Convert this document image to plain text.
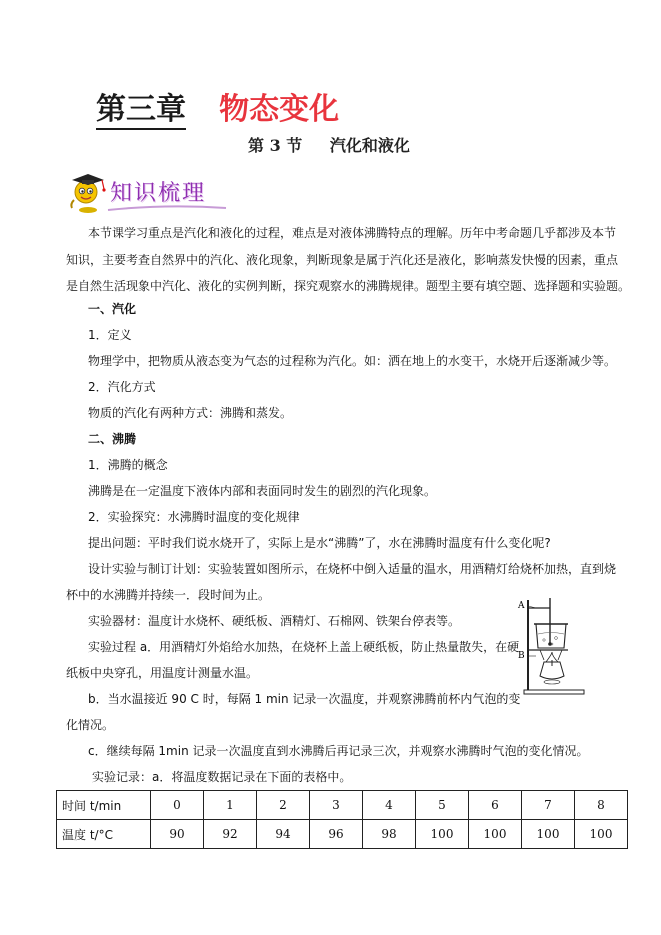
第三章 物态变化
第 3 节 汽化和液化
知识梳理
本节课学习重点是汽化和液化的过程，难点是对液体沸腾特点的理解。历年中考命题几乎都涉及本节
知识，主要考查自然界中的汽化、液化现象，判断现象是属于汽化还是液化，影响蒸发快慢的因素，重点
是自然生活现象中汽化、液化的实例判断，探究观察水的沸腾规律。题型主要有填空题、选择题和实验题。

一、汽化

1．定义

物理学中，把物质从液态变为气态的过程称为汽化。如：洒在地上的水变干，水烧开后逐渐减少等。

2．汽化方式

物质的汽化有两种方式：沸腾和蒸发。

二、沸腾

1．沸腾的概念

沸腾是在一定温度下液体内部和表面同时发生的剧烈的汽化现象。

2．实验探究：水沸腾时温度的变化规律

提出问题：平时我们说水烧开了，实际上是水“沸腾”了，水在沸腾时温度有什么变化呢?

设计实验与制订计划：实验装置如图所示，在烧杯中倒入适量的温水，用酒精灯给烧杯加热，直到烧

杯中的水沸腾并持续一．段时间为止。

实验器材：温度计水烧杯、硬纸板、酒精灯、石棉网、铁架台停表等。

实验过程 a．用酒精灯外焰给水加热，在烧杯上盖上硬纸板，防止热量散失，在硬

纸板中央穿孔，用温度计测量水温。

b．当水温接近 90 C 时，每隔 1 min 记录一次温度，并观察沸腾前杯内气泡的变

化情况。

c．继续每隔 1min 记录一次温度直到水沸腾后再记录三次，并观察水沸腾时气泡的变化情况。

实验记录：a．将温度数据记录在下面的表格中。

A
B
时间 t/min	0	1	2	3	4	5	6	7	8
温度 t/°C	90	92	94	96	98	100	100	100	100
